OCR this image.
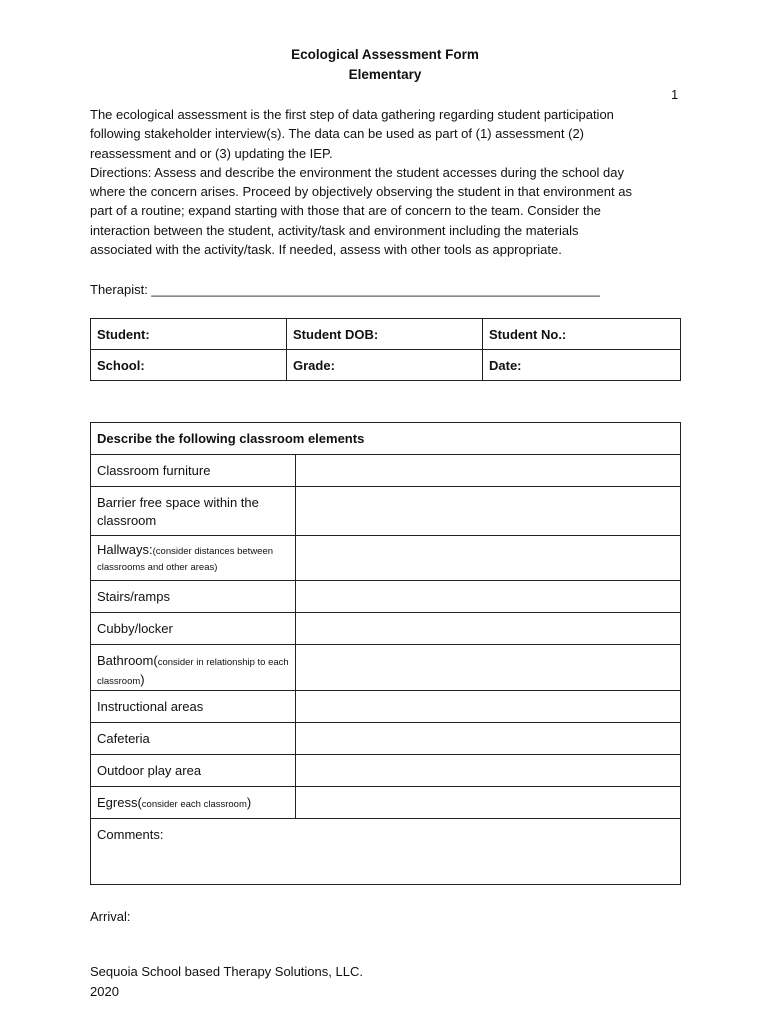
Ecological Assessment Form
Elementary
1
The ecological assessment is the first step of data gathering regarding student participation
following stakeholder interview(s). The data can be used as part of (1) assessment (2)
reassessment and or (3) updating the IEP.
Directions: Assess and describe the environment the student accesses during the school day
where the concern arises. Proceed by objectively observing the student in that environment as
part of a routine; expand starting with those that are of concern to the team. Consider the
interaction between the student, activity/task and environment including the materials
associated with the activity/task. If needed, assess with other tools as appropriate.
Therapist: ______________________________________________________________
Student:	Student DOB:	Student No.:
School:	Grade:	Date:
Describe the following classroom elements	
Classroom furniture	
Barrier free space within the classroom	
Hallways:(consider distances between classrooms and other areas)	
Stairs/ramps	
Cubby/locker	
Bathroom(consider in relationship to each classroom)	
Instructional areas	
Cafeteria	
Outdoor play area	
Egress(consider each classroom)	
Comments:	
Arrival:
Sequoia School based Therapy Solutions, LLC.
2020
